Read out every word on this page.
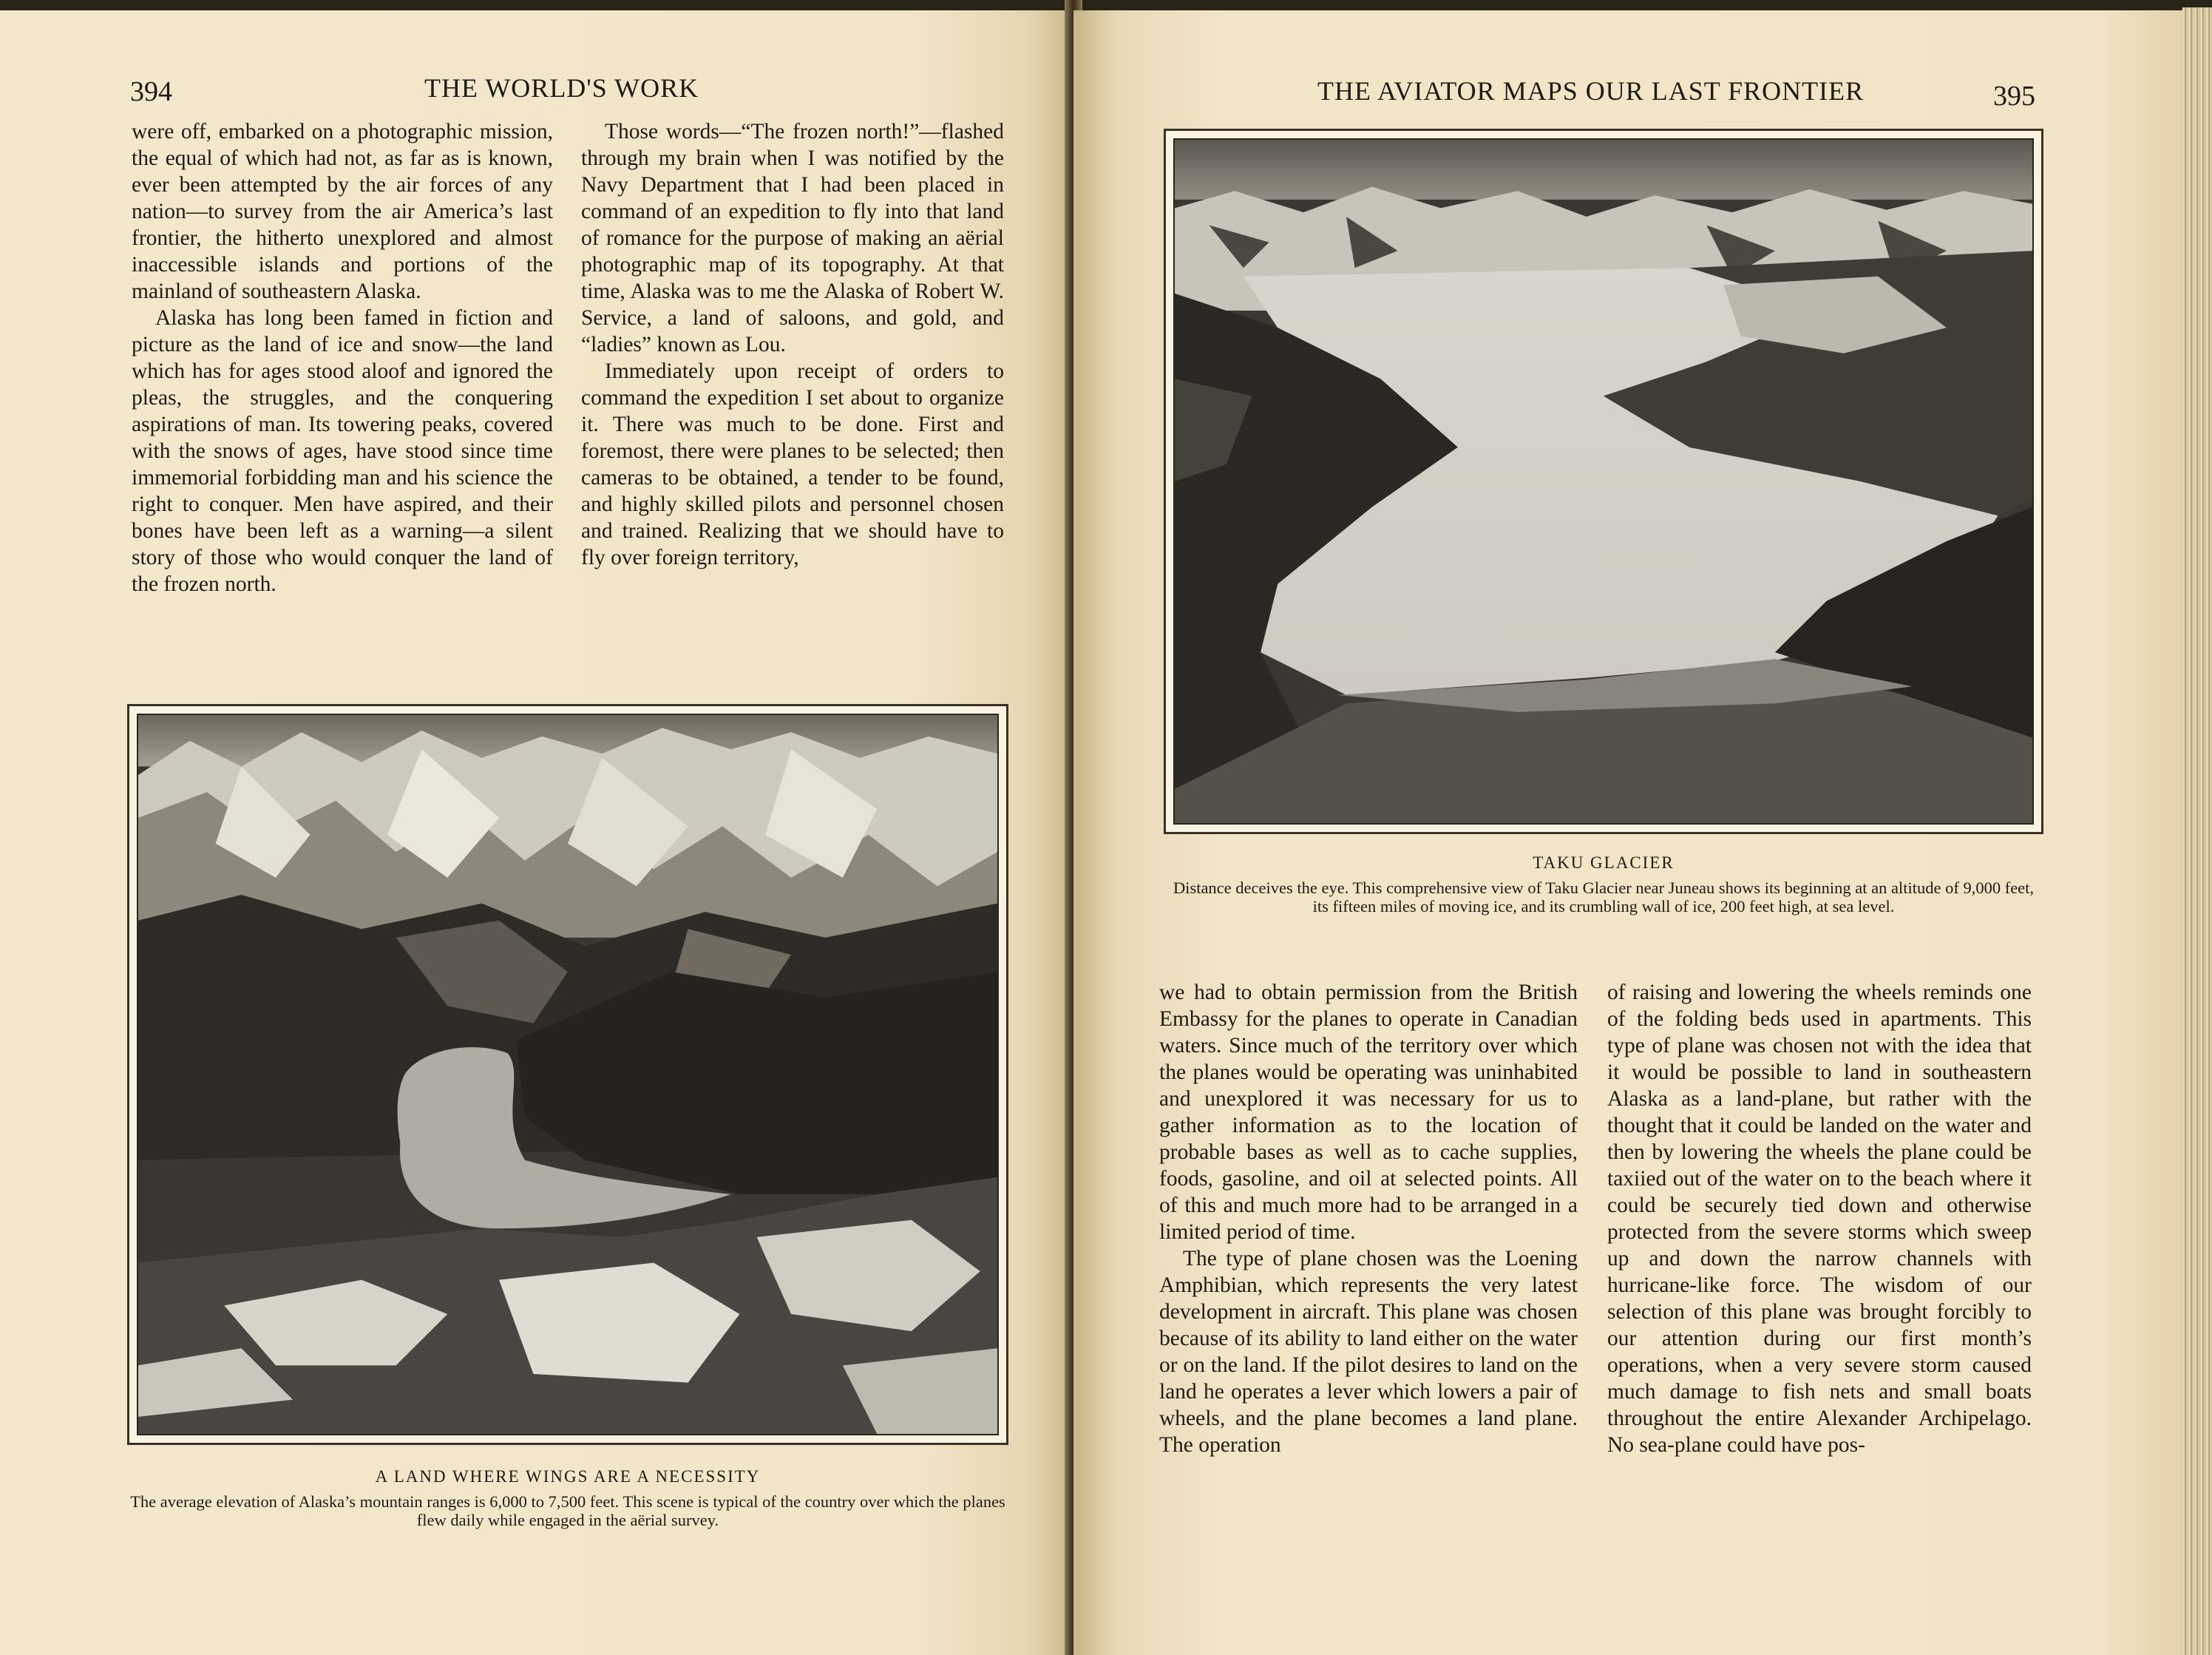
394	THE WORLD'S WORK

were off, embarked on a photographic mission, the equal of which had not, as far as is known, ever been attempted by the air forces of any nation—to survey from the air America’s last frontier, the hitherto unexplored and almost inaccessible islands and portions of the mainland of southeastern Alaska.

Alaska has long been famed in fiction and picture as the land of ice and snow—the land which has for ages stood aloof and ignored the pleas, the struggles, and the conquering aspirations of man. Its towering peaks, covered with the snows of ages, have stood since time immemorial forbidding man and his science the right to conquer. Men have aspired, and their bones have been left as a warning—a silent story of those who would conquer the land of the frozen north.

Those words—“The frozen north!”—flashed through my brain when I was notified by the Navy Department that I had been placed in command of an expedition to fly into that land of romance for the purpose of making an aërial photographic map of its topography. At that time, Alaska was to me the Alaska of Robert W. Service, a land of saloons, and gold, and “ladies” known as Lou.

Immediately upon receipt of orders to command the expedition I set about to organize it. There was much to be done. First and foremost, there were planes to be selected; then cameras to be obtained, a tender to be found, and highly skilled pilots and personnel chosen and trained. Realizing that we should have to fly over foreign territory,

A LAND WHERE WINGS ARE A NECESSITY
The average elevation of Alaska’s mountain ranges is 6,000 to 7,500 feet. This scene is typical of the country over which the planes flew daily while engaged in the aërial survey.
THE AVIATOR MAPS OUR LAST FRONTIER	395
TAKU GLACIER
Distance deceives the eye. This comprehensive view of Taku Glacier near Juneau shows its beginning at an altitude of 9,000 feet, its fifteen miles of moving ice, and its crumbling wall of ice, 200 feet high, at sea level.

we had to obtain permission from the British Embassy for the planes to operate in Canadian waters. Since much of the territory over which the planes would be operating was uninhabited and unexplored it was necessary for us to gather information as to the location of probable bases as well as to cache supplies, foods, gasoline, and oil at selected points. All of this and much more had to be arranged in a limited period of time.

The type of plane chosen was the Loening Amphibian, which represents the very latest development in aircraft. This plane was chosen because of its ability to land either on the water or on the land. If the pilot desires to land on the land he operates a lever which lowers a pair of wheels, and the plane becomes a land plane. The operation

of raising and lowering the wheels reminds one of the folding beds used in apartments. This type of plane was chosen not with the idea that it would be possible to land in southeastern Alaska as a land-plane, but rather with the thought that it could be landed on the water and then by lowering the wheels the plane could be taxiied out of the water on to the beach where it could be securely tied down and otherwise protected from the severe storms which sweep up and down the narrow channels with hurricane-like force. The wisdom of our selection of this plane was brought forcibly to our attention during our first month’s operations, when a very severe storm caused much damage to fish nets and small boats throughout the entire Alexander Archipelago. No sea-plane could have pos-
